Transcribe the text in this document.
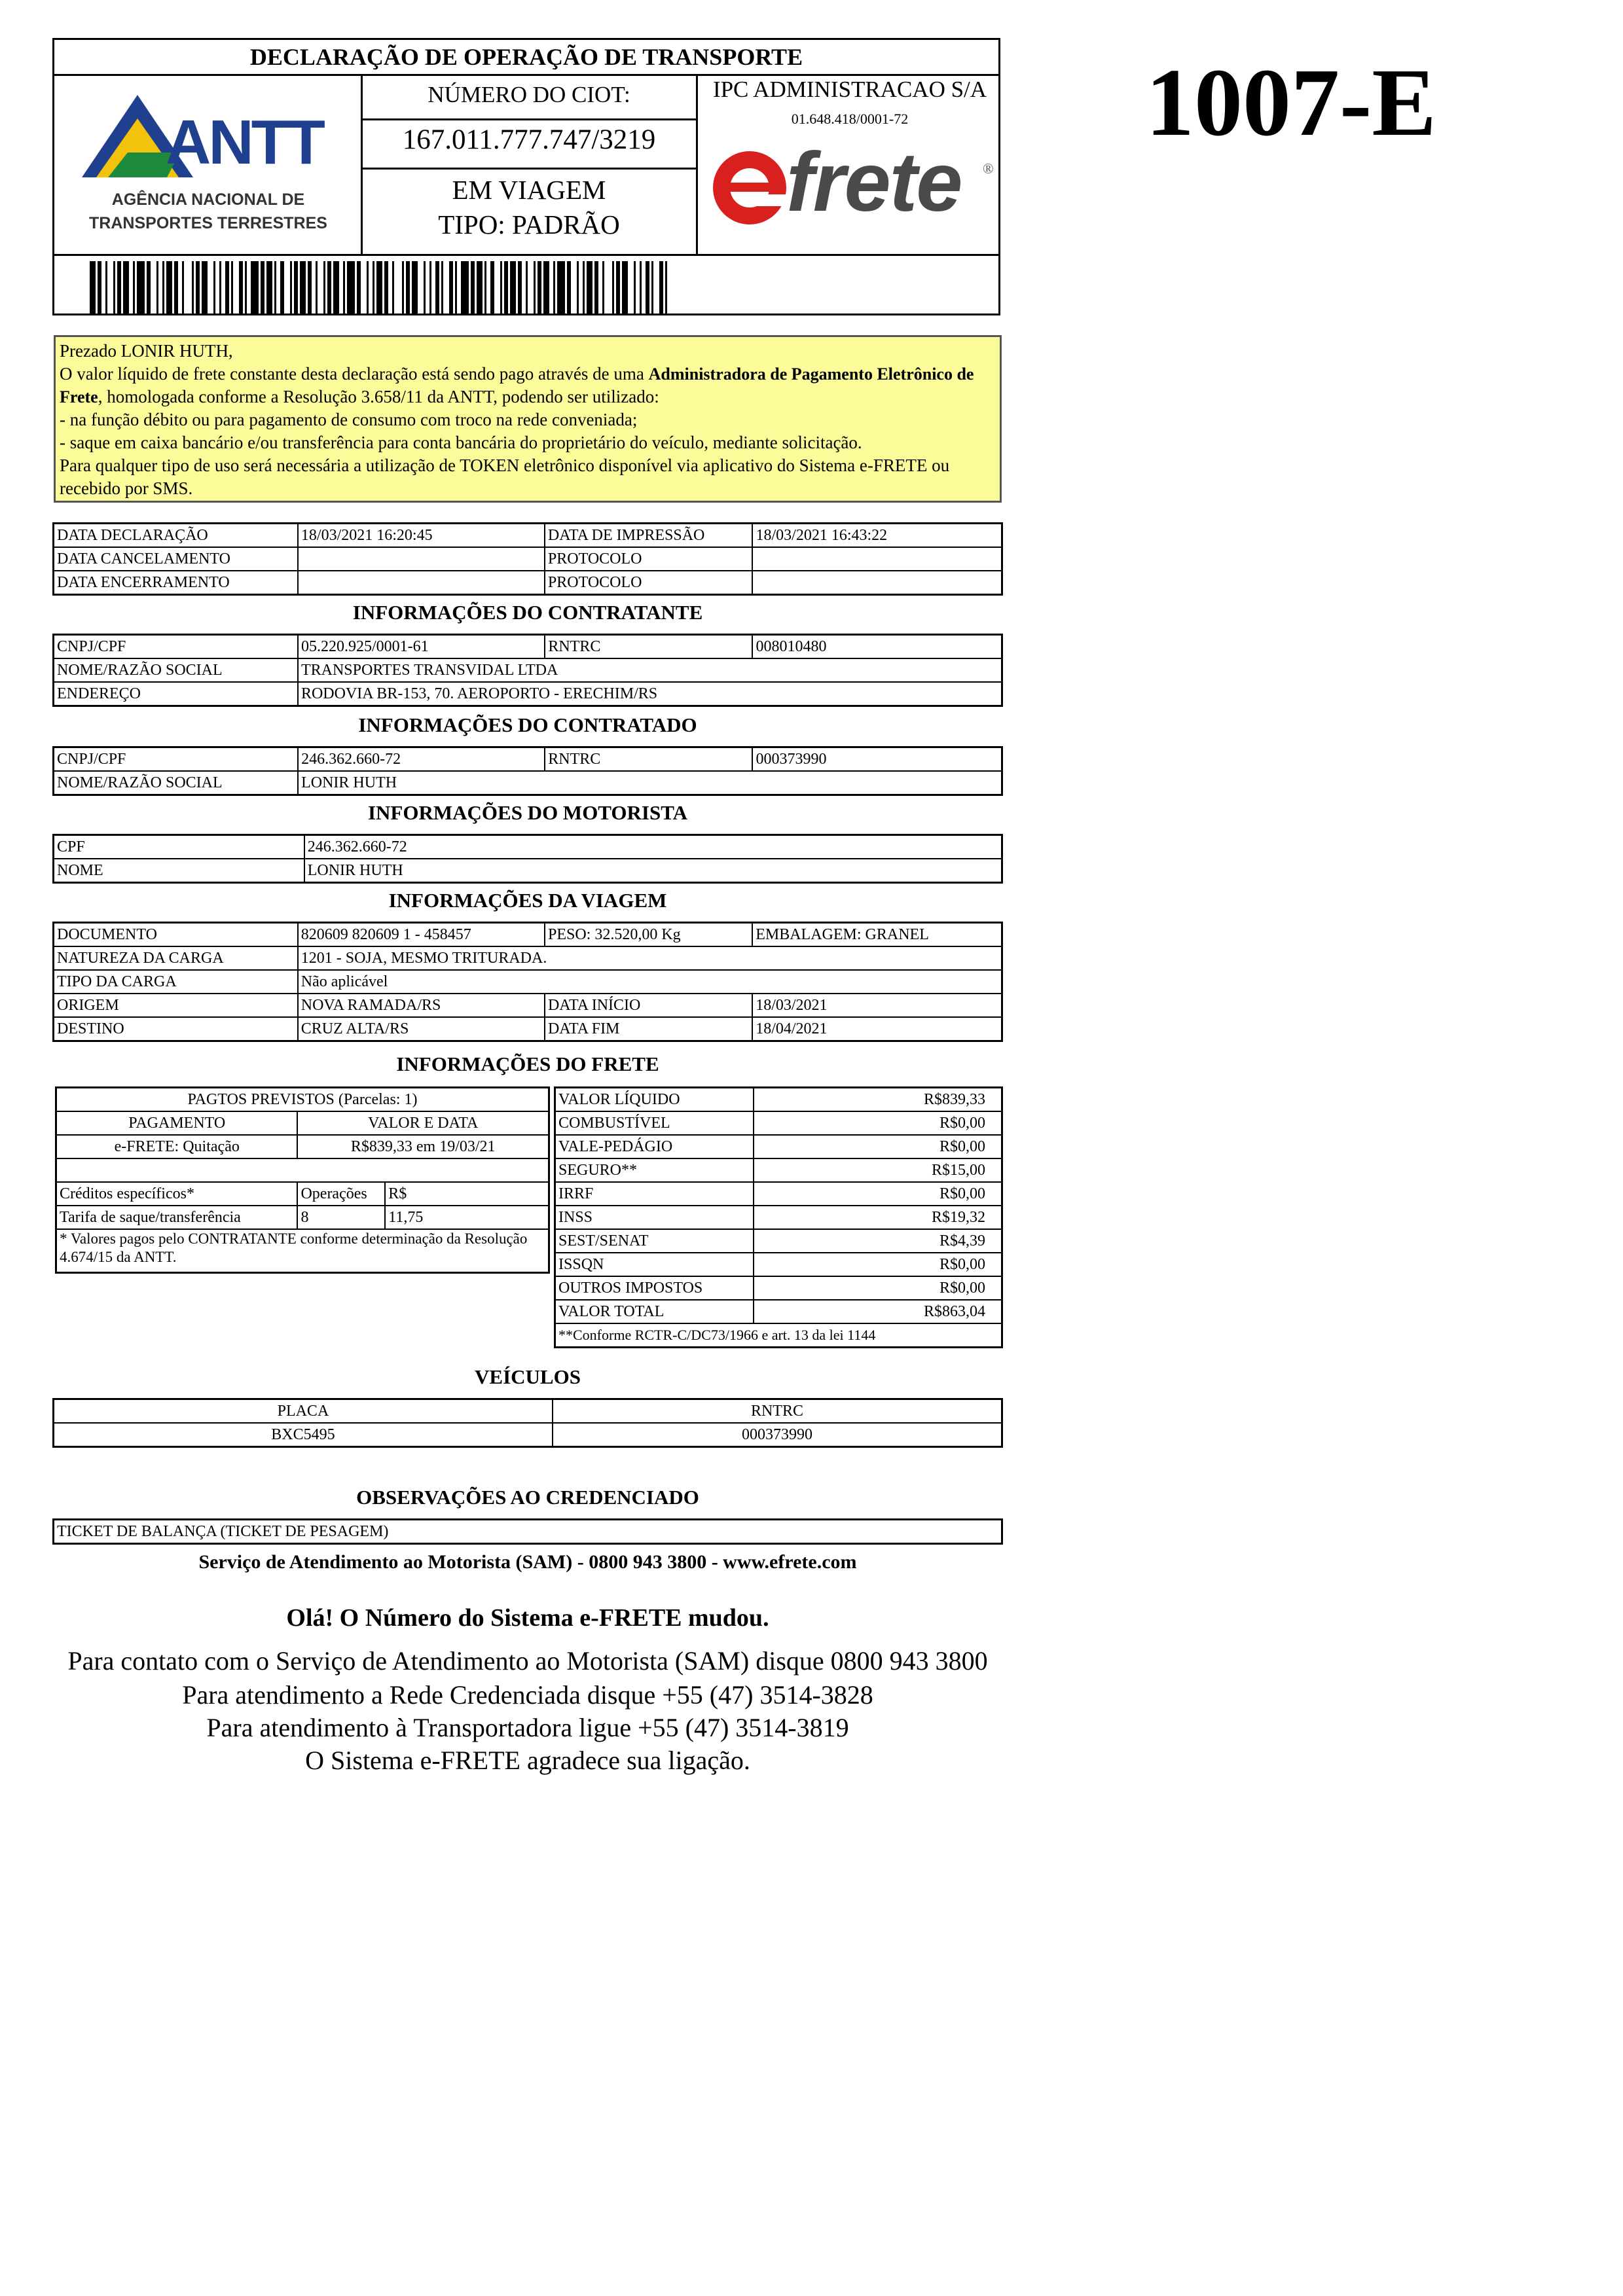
1007-E
DECLARAÇÃO DE OPERAÇÃO DE TRANSPORTE
ANTT
AGÊNCIA NACIONAL DE
TRANSPORTES TERRESTRES
NÚMERO DO CIOT:
167.011.777.747/3219
EM VIAGEM
TIPO: PADRÃO
IPC ADMINISTRACAO S/A
01.648.418/0001-72
frete ®
Prezado LONIR HUTH,
O valor líquido de frete constante desta declaração está sendo pago através de uma Administradora de Pagamento Eletrônico de Frete, homologada conforme a Resolução 3.658/11 da ANTT, podendo ser utilizado:
- na função débito ou para pagamento de consumo com troco na rede conveniada;
- saque em caixa bancário e/ou transferência para conta bancária do proprietário do veículo, mediante solicitação.
Para qualquer tipo de uso será necessária a utilização de TOKEN eletrônico disponível via aplicativo do Sistema e-FRETE ou recebido por SMS.
DATA DECLARAÇÃO	18/03/2021 16:20:45	DATA DE IMPRESSÃO	18/03/2021 16:43:22
DATA CANCELAMENTO		PROTOCOLO	
DATA ENCERRAMENTO		PROTOCOLO	
INFORMAÇÕES DO CONTRATANTE
CNPJ/CPF	05.220.925/0001-61	RNTRC	008010480
NOME/RAZÃO SOCIAL	TRANSPORTES TRANSVIDAL LTDA		
ENDEREÇO	RODOVIA BR-153, 70. AEROPORTO - ERECHIM/RS		
INFORMAÇÕES DO CONTRATADO
CNPJ/CPF	246.362.660-72	RNTRC	000373990
NOME/RAZÃO SOCIAL	LONIR HUTH		
INFORMAÇÕES DO MOTORISTA
CPF	246.362.660-72
NOME	LONIR HUTH
INFORMAÇÕES DA VIAGEM
DOCUMENTO	820609 820609 1 - 458457	PESO: 32.520,00 Kg	EMBALAGEM: GRANEL
NATUREZA DA CARGA	1201 - SOJA, MESMO TRITURADA.		
TIPO DA CARGA	Não aplicável		
ORIGEM	NOVA RAMADA/RS	DATA INÍCIO	18/03/2021
DESTINO	CRUZ ALTA/RS	DATA FIM	18/04/2021
INFORMAÇÕES DO FRETE
PAGTOS PREVISTOS (Parcelas: 1)		
PAGAMENTO	VALOR E DATA	
e-FRETE: Quitação	R$839,33 em 19/03/21	

Créditos específicos*	Operações	R$
Tarifa de saque/transferência	8	11,75
* Valores pagos pelo CONTRATANTE conforme determinação da Resolução 4.674/15 da ANTT.		
VALOR LÍQUIDO	R$839,33
COMBUSTÍVEL	R$0,00
VALE-PEDÁGIO	R$0,00
SEGURO**	R$15,00
IRRF	R$0,00
INSS	R$19,32
SEST/SENAT	R$4,39
ISSQN	R$0,00
OUTROS IMPOSTOS	R$0,00
VALOR TOTAL	R$863,04
**Conforme RCTR-C/DC73/1966 e art. 13 da lei 1144	
VEÍCULOS
PLACA	RNTRC
BXC5495	000373990
OBSERVAÇÕES AO CREDENCIADO
TICKET DE BALANÇA (TICKET DE PESAGEM)
Serviço de Atendimento ao Motorista (SAM) - 0800 943 3800 - www.efrete.com
Olá! O Número do Sistema e-FRETE mudou.
Para contato com o Serviço de Atendimento ao Motorista (SAM) disque 0800 943 3800
Para atendimento a Rede Credenciada disque +55 (47) 3514-3828
Para atendimento à Transportadora ligue +55 (47) 3514-3819
O Sistema e-FRETE agradece sua ligação.
